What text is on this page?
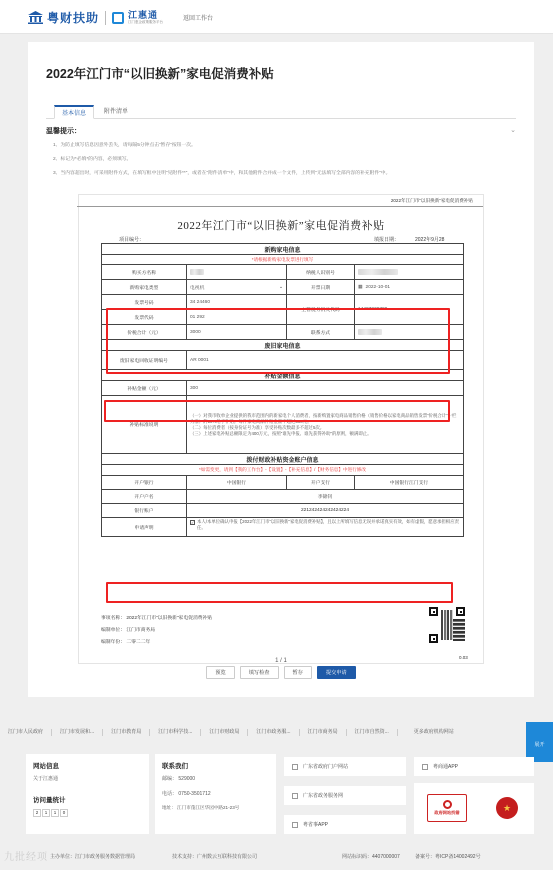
粤财扶助	江惠通
江门惠企政策服务平台	返回工作台
2022年江门市“以旧换新”家电促消费补贴
基本信息	附件清单
温馨提示：	⌄
1、为防止填写信息因意外丢失，请每隔5分钟点击“暂存”按钮一次。
2、标记为*必填*的内容，必须填写。
3、当内容超出时，可采用附件方式，在填写框中注明“见附件**”，或者在“附件清单”中，和其他附件合并成一个文件，上传到“无法填写全部内容的补充附件”中。
2022年江门市“以旧换新”家电促消费补贴
2022年江门市“以旧换新”家电促消费补贴
项目编号：	填报日期：	2022年9月28
新购家电信息
*请根据新购家电发票进行填写
购买方名称	纳税人识别号
新购家电类型	电视机	⌄	开票日期	▦ 2022-10-01
发票号码	34 24460
发票代码	01 292
主管税务机关代码	14407030700
价税合计（元）	3000	联系方式
废旧家电信息
废旧家电回收证明编号	AR 0001
补贴金额信息
补贴金额（元）	300
补贴标准说明
（一）对我市收单企业提供的我市范围内的新家电个人消费者，按新购置家电商品销售价格（销售价格以家电商品销售发票“价税合计”一栏为准）的10%给予补贴。每件家电商品补贴金额不超过500元。
（二）每位消费者（按身份证号为准）享受补贴次数最多不超过5次。
（三）上述家电补贴总额限定为400万元，按照“谁先申报、谁先获得补助”的原则，额满即止。
拨付财政补贴资金账户信息
*如需变更，请到【我的工作台】-【设置】-【补充信息】/【财务信息】中进行修改
开户银行	中国银行	开户支行	中国银行江门支行
开户户名	李锦钊
银行账户	221242424242424224
申请声明
✓ 本人/本单位确认申报【2022年江门市“以旧换新”家电促消费补贴】，且以上所填写信息无误并承诺真实有效，如有虚假，愿意承担相应责任。
事项名称： 2022年江门市“以旧换新”家电促消费补贴
编制单位： 江门市商务局
编制年份： 二零二二年
0.03
1 / 1
预览	填写检查	暂存	提交申请
江门市人民政府	江门市发展和...	江门市教育局	江门市科学技...	江门市财政局	江门市政务服...	江门市商务局	江门市自然资...	更多政府机构网站
展开
网站信息
关于江惠通
访问量统计
2 1 1 0
联系我们
邮编： 529000
电话： 0750-3501712
地址： 江门市蓬江区华园中路21-23号
广东省政府门户网站
广东省政务服务网
粤省事APP
粤商通APP
政府网站找错	★
九批经项 主办单位：江门市政务服务数据管理局	技术支持：广州数云互联科技有限公司	网站标识码：4407000007	备案号：粤ICP备14002492号
